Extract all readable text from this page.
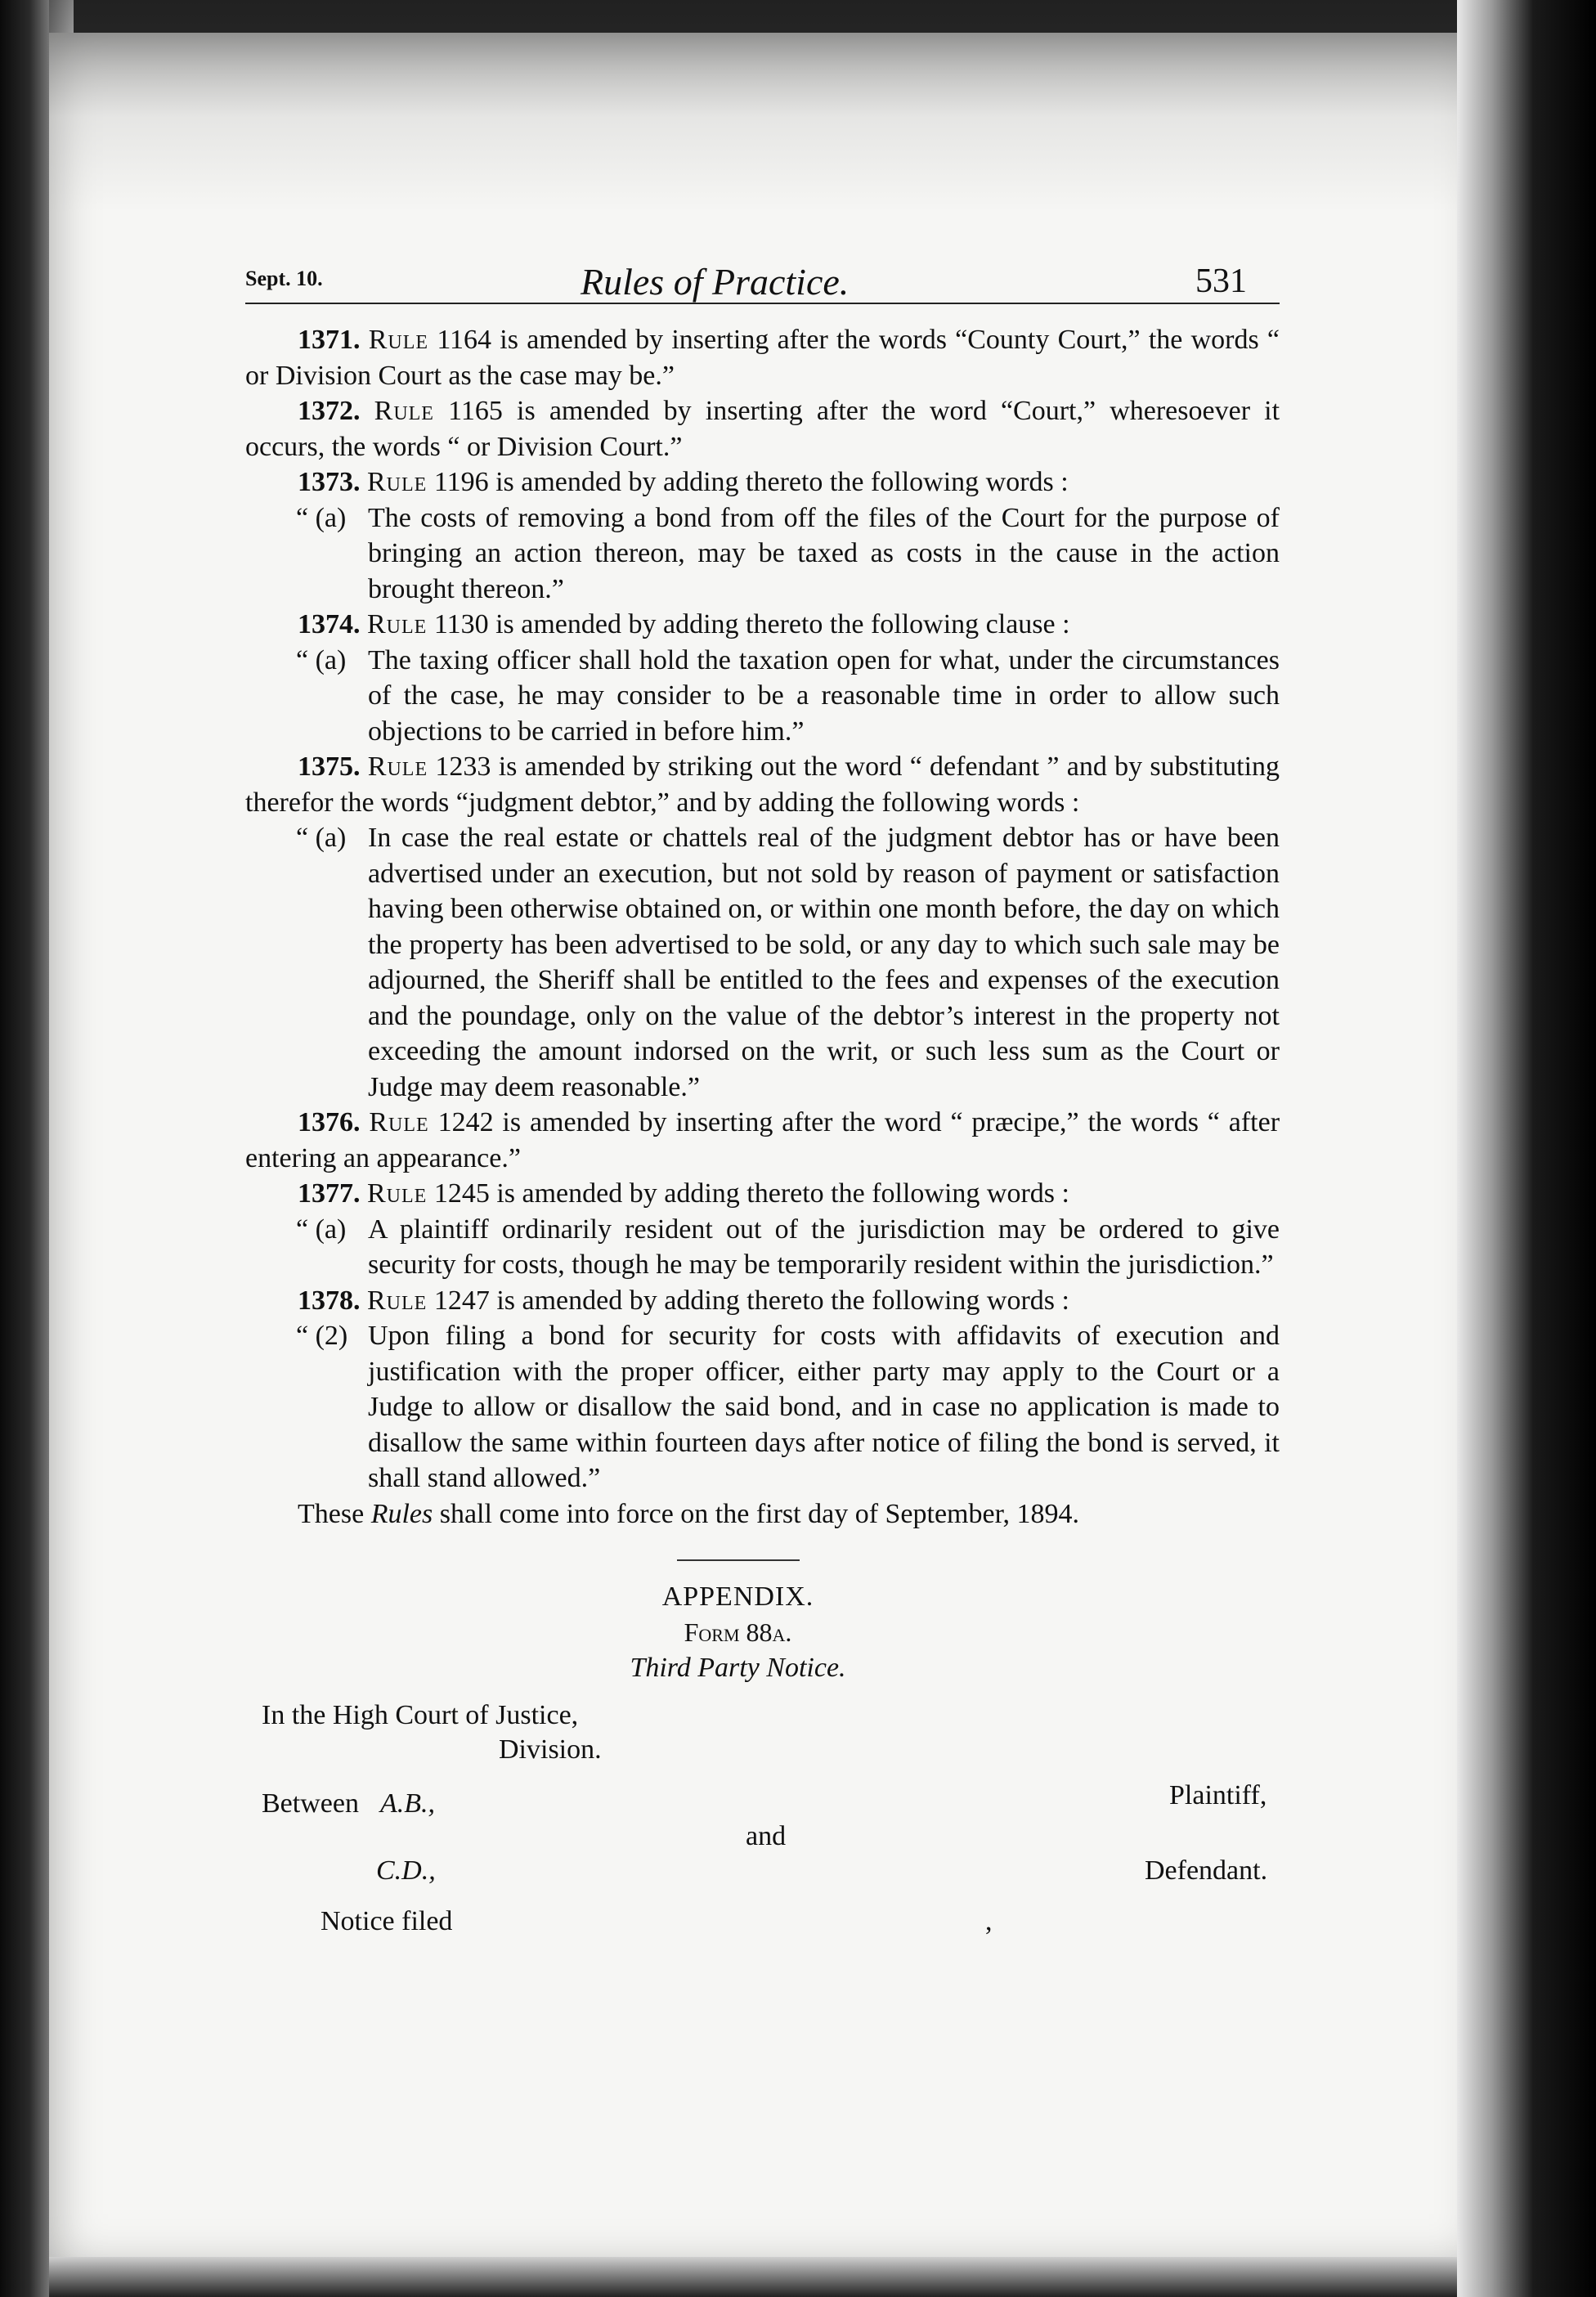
Sept. 10.	Rules of Practice.	531

1371. Rule 1164 is amended by inserting after the words “County Court,” the words “ or Division Court as the case may be.”

1372. Rule 1165 is amended by inserting after the word “Court,” wheresoever it occurs, the words “ or Division Court.”

1373. Rule 1196 is amended by adding thereto the following words :

“ (a) The costs of removing a bond from off the files of the Court for the purpose of bringing an action thereon, may be taxed as costs in the cause in the action brought thereon.”

1374. Rule 1130 is amended by adding thereto the following clause :

“ (a) The taxing officer shall hold the taxation open for what, under the circumstances of the case, he may consider to be a reasonable time in order to allow such objections to be carried in before him.”

1375. Rule 1233 is amended by striking out the word “ defendant ” and by substituting therefor the words “judgment debtor,” and by adding the following words :

“ (a) In case the real estate or chattels real of the judgment debtor has or have been advertised under an execution, but not sold by reason of payment or satisfaction having been otherwise obtained on, or within one month before, the day on which the property has been advertised to be sold, or any day to which such sale may be adjourned, the Sheriff shall be entitled to the fees and expenses of the execution and the poundage, only on the value of the debtor’s interest in the property not exceeding the amount indorsed on the writ, or such less sum as the Court or Judge may deem reasonable.”

1376. Rule 1242 is amended by inserting after the word “ præcipe,” the words “ after entering an appearance.”

1377. Rule 1245 is amended by adding thereto the following words :

“ (a) A plaintiff ordinarily resident out of the jurisdiction may be ordered to give security for costs, though he may be temporarily resident within the jurisdiction.”

1378. Rule 1247 is amended by adding thereto the following words :

“ (2) Upon filing a bond for security for costs with affidavits of execution and justification with the proper officer, either party may apply to the Court or a Judge to allow or disallow the said bond, and in case no application is made to disallow the same within fourteen days after notice of filing the bond is served, it shall stand allowed.”

These Rules shall come into force on the first day of September, 1894.

APPENDIX.

Form 88a.

Third Party Notice.

In the High Court of Justice,
Division.
Between A.B.,	Plaintiff,
and
C.D.,	Defendant.
Notice filed	,
